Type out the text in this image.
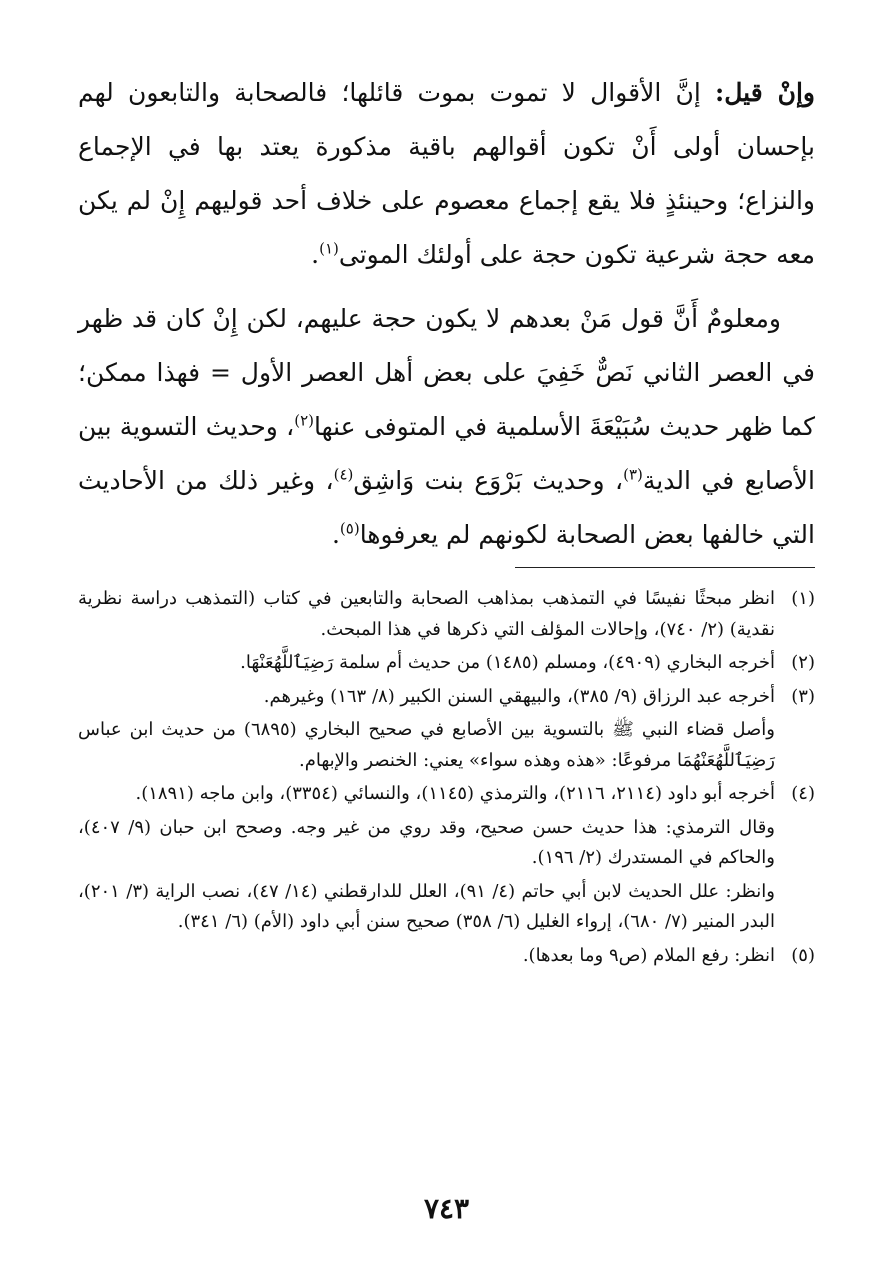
وإنْ قيل: إنَّ الأقوال لا تموت بموت قائلها؛ فالصحابة والتابعون لهم بإحسان أولى أَنْ تكون أقوالهم باقية مذكورة يعتد بها في الإجماع والنزاع؛ وحينئذٍ فلا يقع إجماع معصوم على خلاف أحد قوليهم إِنْ لم يكن معه حجة شرعية تكون حجة على أولئك الموتى$^{(١)}$.

ومعلومٌ أَنَّ قول مَنْ بعدهم لا يكون حجة عليهم، لكن إِنْ كان قد ظهر في العصر الثاني نَصٌّ خَفِيَ على بعض أهل العصر الأول = فهذا ممكن؛ كما ظهر حديث سُبَيْعَةَ الأسلمية في المتوفى عنها$^{(٢)}$، وحديث التسوية بين الأصابع في الدية$^{(٣)}$، وحديث بَرْوَع بنت وَاشِق$^{(٤)}$، وغير ذلك من الأحاديث التي خالفها بعض الصحابة لكونهم لم يعرفوها$^{(٥)}$.

(١)
انظر مبحثًا نفيسًا في التمذهب بمذاهب الصحابة والتابعين في كتاب (التمذهب دراسة نظرية نقدية) (٢/ ٧٤٠)، وإحالات المؤلف التي ذكرها في هذا المبحث.
(٢)
أخرجه البخاري (٤٩٠٩)، ومسلم (١٤٨٥) من حديث أم سلمة رَضِيَٱللَّهُعَنْهَا.
(٣)
أخرجه عبد الرزاق (٩/ ٣٨٥)، والبيهقي السنن الكبير (٨/ ١٦٣) وغيرهم.
وأصل قضاء النبي ﷺ بالتسوية بين الأصابع في صحيح البخاري (٦٨٩٥) من حديث ابن عباس رَضِيَٱللَّهُعَنْهُمَا مرفوعًا: «هذه وهذه سواء» يعني: الخنصر والإبهام.
(٤)
أخرجه أبو داود (٢١١٤، ٢١١٦)، والترمذي (١١٤٥)، والنسائي (٣٣٥٤)، وابن ماجه (١٨٩١).
وقال الترمذي: هذا حديث حسن صحيح، وقد روي من غير وجه. وصحح ابن حبان (٩/ ٤٠٧)، والحاكم في المستدرك (٢/ ١٩٦).
وانظر: علل الحديث لابن أبي حاتم (٤/ ٩١)، العلل للدارقطني (١٤/ ٤٧)، نصب الراية (٣/ ٢٠١)، البدر المنير (٧/ ٦٨٠)، إرواء الغليل (٦/ ٣٥٨) صحيح سنن أبي داود (الأم) (٦/ ٣٤١).
(٥)
انظر: رفع الملام (ص٩ وما بعدها).
٧٤٣
